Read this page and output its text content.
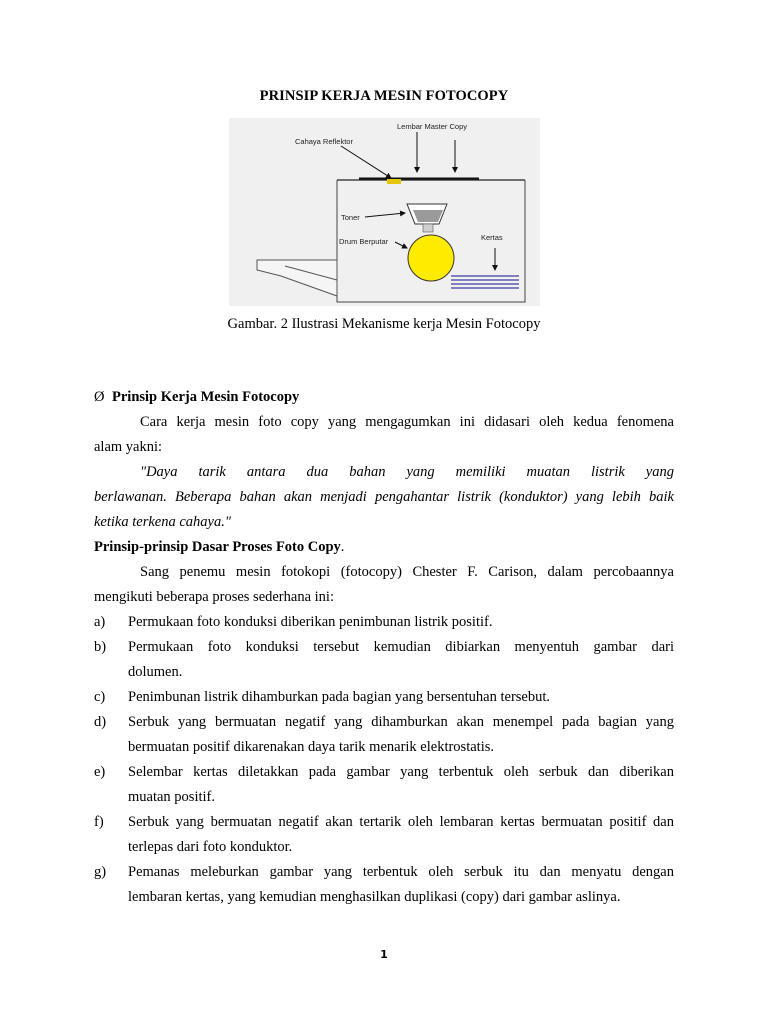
PRINSIP KERJA MESIN FOTOCOPY
Lembar Master Copy
Cahaya Reflektor
Toner
Drum Berputar	Kertas
Gambar. 2 Ilustrasi Mekanisme kerja Mesin Fotocopy
Ø Prinsip Kerja Mesin Fotocopy
Cara kerja mesin foto copy yang mengagumkan ini didasari oleh kedua fenomena
alam yakni:
"Daya tarik antara dua bahan yang memiliki muatan listrik yang
berlawanan. Beberapa bahan akan menjadi pengahantar listrik (konduktor) yang lebih baik
ketika terkena cahaya."
Prinsip-prinsip Dasar Proses Foto Copy.
Sang penemu mesin fotokopi (fotocopy) Chester F. Carison, dalam percobaannya
mengikuti beberapa proses sederhana ini:
a)	Permukaan foto konduksi diberikan penimbunan listrik positif.
b)	Permukaan foto konduksi tersebut kemudian dibiarkan menyentuh gambar dari
dolumen.
c)	Penimbunan listrik dihamburkan pada bagian yang bersentuhan tersebut.
d)	Serbuk yang bermuatan negatif yang dihamburkan akan menempel pada bagian yang
bermuatan positif dikarenakan daya tarik menarik elektrostatis.
e)	Selembar kertas diletakkan pada gambar yang terbentuk oleh serbuk dan diberikan
muatan positif.
f)	Serbuk yang bermuatan negatif akan tertarik oleh lembaran kertas bermuatan positif dan
terlepas dari foto konduktor.
g)	Pemanas meleburkan gambar yang terbentuk oleh serbuk itu dan menyatu dengan
lembaran kertas, yang kemudian menghasilkan duplikasi (copy) dari gambar aslinya.
1
